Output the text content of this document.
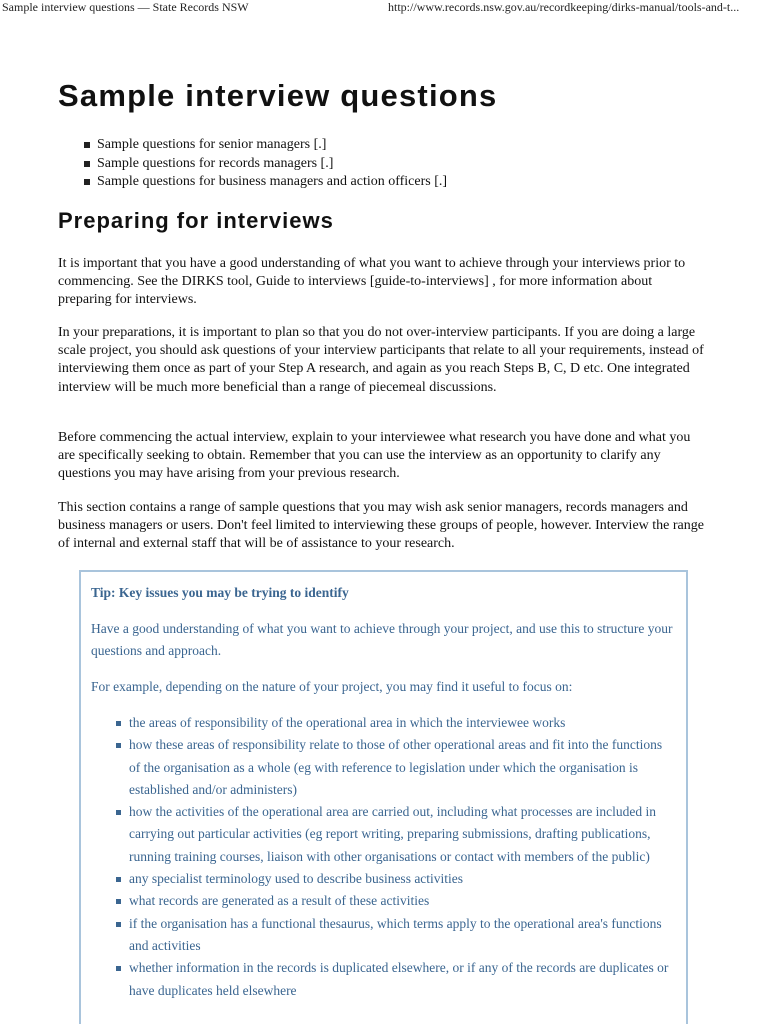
Sample interview questions — State Records NSW	http://www.records.nsw.gov.au/recordkeeping/dirks-manual/tools-and-t...
Sample interview questions
Sample questions for senior managers [.]
Sample questions for records managers [.]
Sample questions for business managers and action officers [.]
Preparing for interviews

It is important that you have a good understanding of what you want to achieve through your interviews prior to commencing. See the DIRKS tool, Guide to interviews [guide-to-interviews] , for more information about preparing for interviews.

In your preparations, it is important to plan so that you do not over-interview participants. If you are doing a large scale project, you should ask questions of your interview participants that relate to all your requirements, instead of interviewing them once as part of your Step A research, and again as you reach Steps B, C, D etc. One integrated interview will be much more beneficial than a range of piecemeal discussions.

Before commencing the actual interview, explain to your interviewee what research you have done and what you are specifically seeking to obtain. Remember that you can use the interview as an opportunity to clarify any questions you may have arising from your previous research.

This section contains a range of sample questions that you may wish ask senior managers, records managers and business managers or users. Don't feel limited to interviewing these groups of people, however. Interview the range of internal and external staff that will be of assistance to your research.

Tip: Key issues you may be trying to identify

Have a good understanding of what you want to achieve through your project, and use this to structure your questions and approach.

For example, depending on the nature of your project, you may find it useful to focus on:

the areas of responsibility of the operational area in which the interviewee works
how these areas of responsibility relate to those of other operational areas and fit into the functions of the organisation as a whole (eg with reference to legislation under which the organisation is established and/or administers)
how the activities of the operational area are carried out, including what processes are included in carrying out particular activities (eg report writing, preparing submissions, drafting publications, running training courses, liaison with other organisations or contact with members of the public)
any specialist terminology used to describe business activities
what records are generated as a result of these activities
if the organisation has a functional thesaurus, which terms apply to the operational area's functions and activities
whether information in the records is duplicated elsewhere, or if any of the records are duplicates or have duplicates held elsewhere
